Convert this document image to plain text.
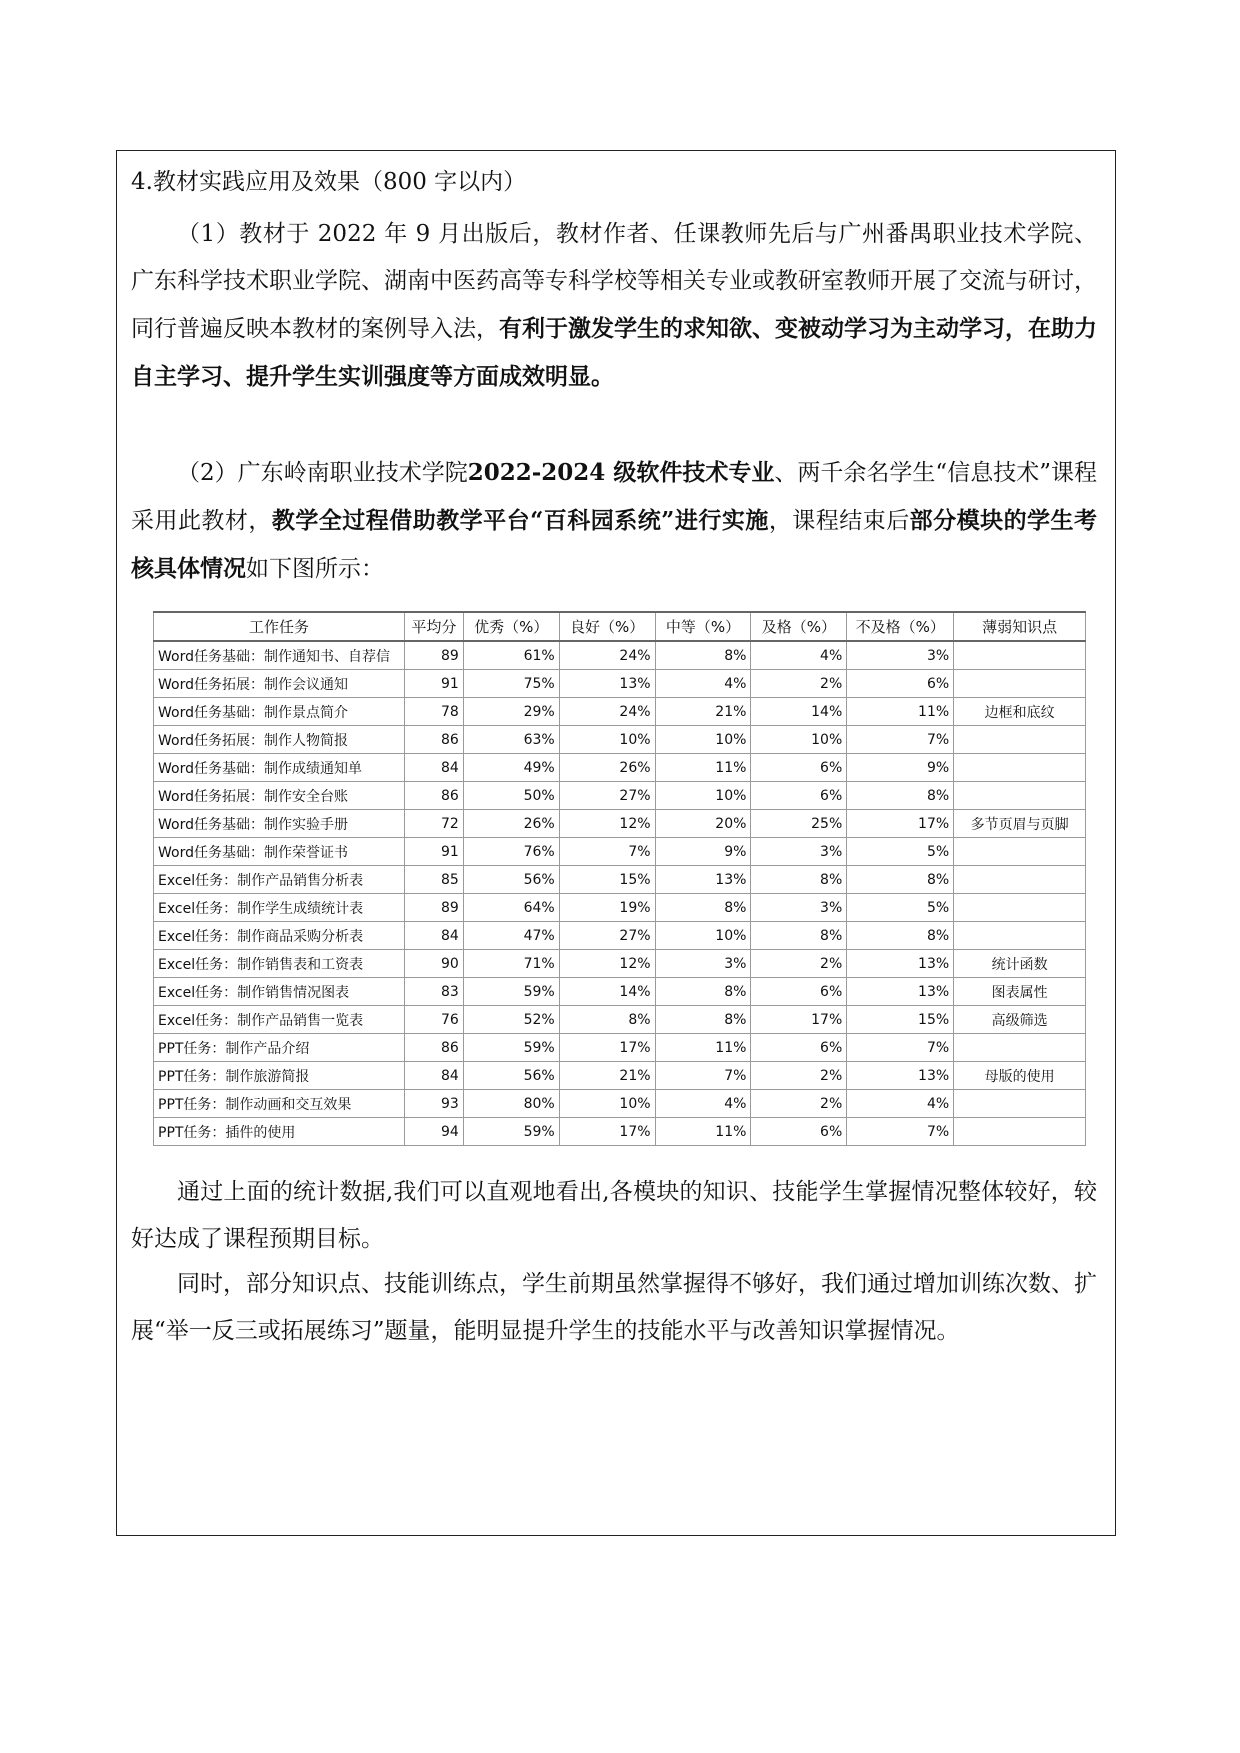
4.教材实践应用及效果（800 字以内）
（1）教材于 2022 年 9 月出版后，教材作者、任课教师先后与广州番禺职业技术学院、广东科学技术职业学院、湖南中医药高等专科学校等相关专业或教研室教师开展了交流与研讨，同行普遍反映本教材的案例导入法，有利于激发学生的求知欲、变被动学习为主动学习，在助力自主学习、提升学生实训强度等方面成效明显。
（2）广东岭南职业技术学院2022-2024 级软件技术专业、两千余名学生“信息技术”课程采用此教材，教学全过程借助教学平台“百科园系统”进行实施，课程结束后部分模块的学生考核具体情况如下图所示：
工作任务	平均分	优秀（%）	良好（%）	中等（%）	及格（%）	不及格（%）	薄弱知识点
Word任务基础：制作通知书、自荐信	89	61%	24%	8%	4%	3%	
Word任务拓展：制作会议通知	91	75%	13%	4%	2%	6%	
Word任务基础：制作景点简介	78	29%	24%	21%	14%	11%	边框和底纹
Word任务拓展：制作人物简报	86	63%	10%	10%	10%	7%	
Word任务基础：制作成绩通知单	84	49%	26%	11%	6%	9%	
Word任务拓展：制作安全台账	86	50%	27%	10%	6%	8%	
Word任务基础：制作实验手册	72	26%	12%	20%	25%	17%	多节页眉与页脚
Word任务基础：制作荣誉证书	91	76%	7%	9%	3%	5%	
Excel任务：制作产品销售分析表	85	56%	15%	13%	8%	8%	
Excel任务：制作学生成绩统计表	89	64%	19%	8%	3%	5%	
Excel任务：制作商品采购分析表	84	47%	27%	10%	8%	8%	
Excel任务：制作销售表和工资表	90	71%	12%	3%	2%	13%	统计函数
Excel任务：制作销售情况图表	83	59%	14%	8%	6%	13%	图表属性
Excel任务：制作产品销售一览表	76	52%	8%	8%	17%	15%	高级筛选
PPT任务：制作产品介绍	86	59%	17%	11%	6%	7%	
PPT任务：制作旅游简报	84	56%	21%	7%	2%	13%	母版的使用
PPT任务：制作动画和交互效果	93	80%	10%	4%	2%	4%	
PPT任务：插件的使用	94	59%	17%	11%	6%	7%	
通过上面的统计数据,我们可以直观地看出,各模块的知识、技能学生掌握情况整体较好，较好达成了课程预期目标。
同时，部分知识点、技能训练点，学生前期虽然掌握得不够好，我们通过增加训练次数、扩展“举一反三或拓展练习”题量，能明显提升学生的技能水平与改善知识掌握情况。
